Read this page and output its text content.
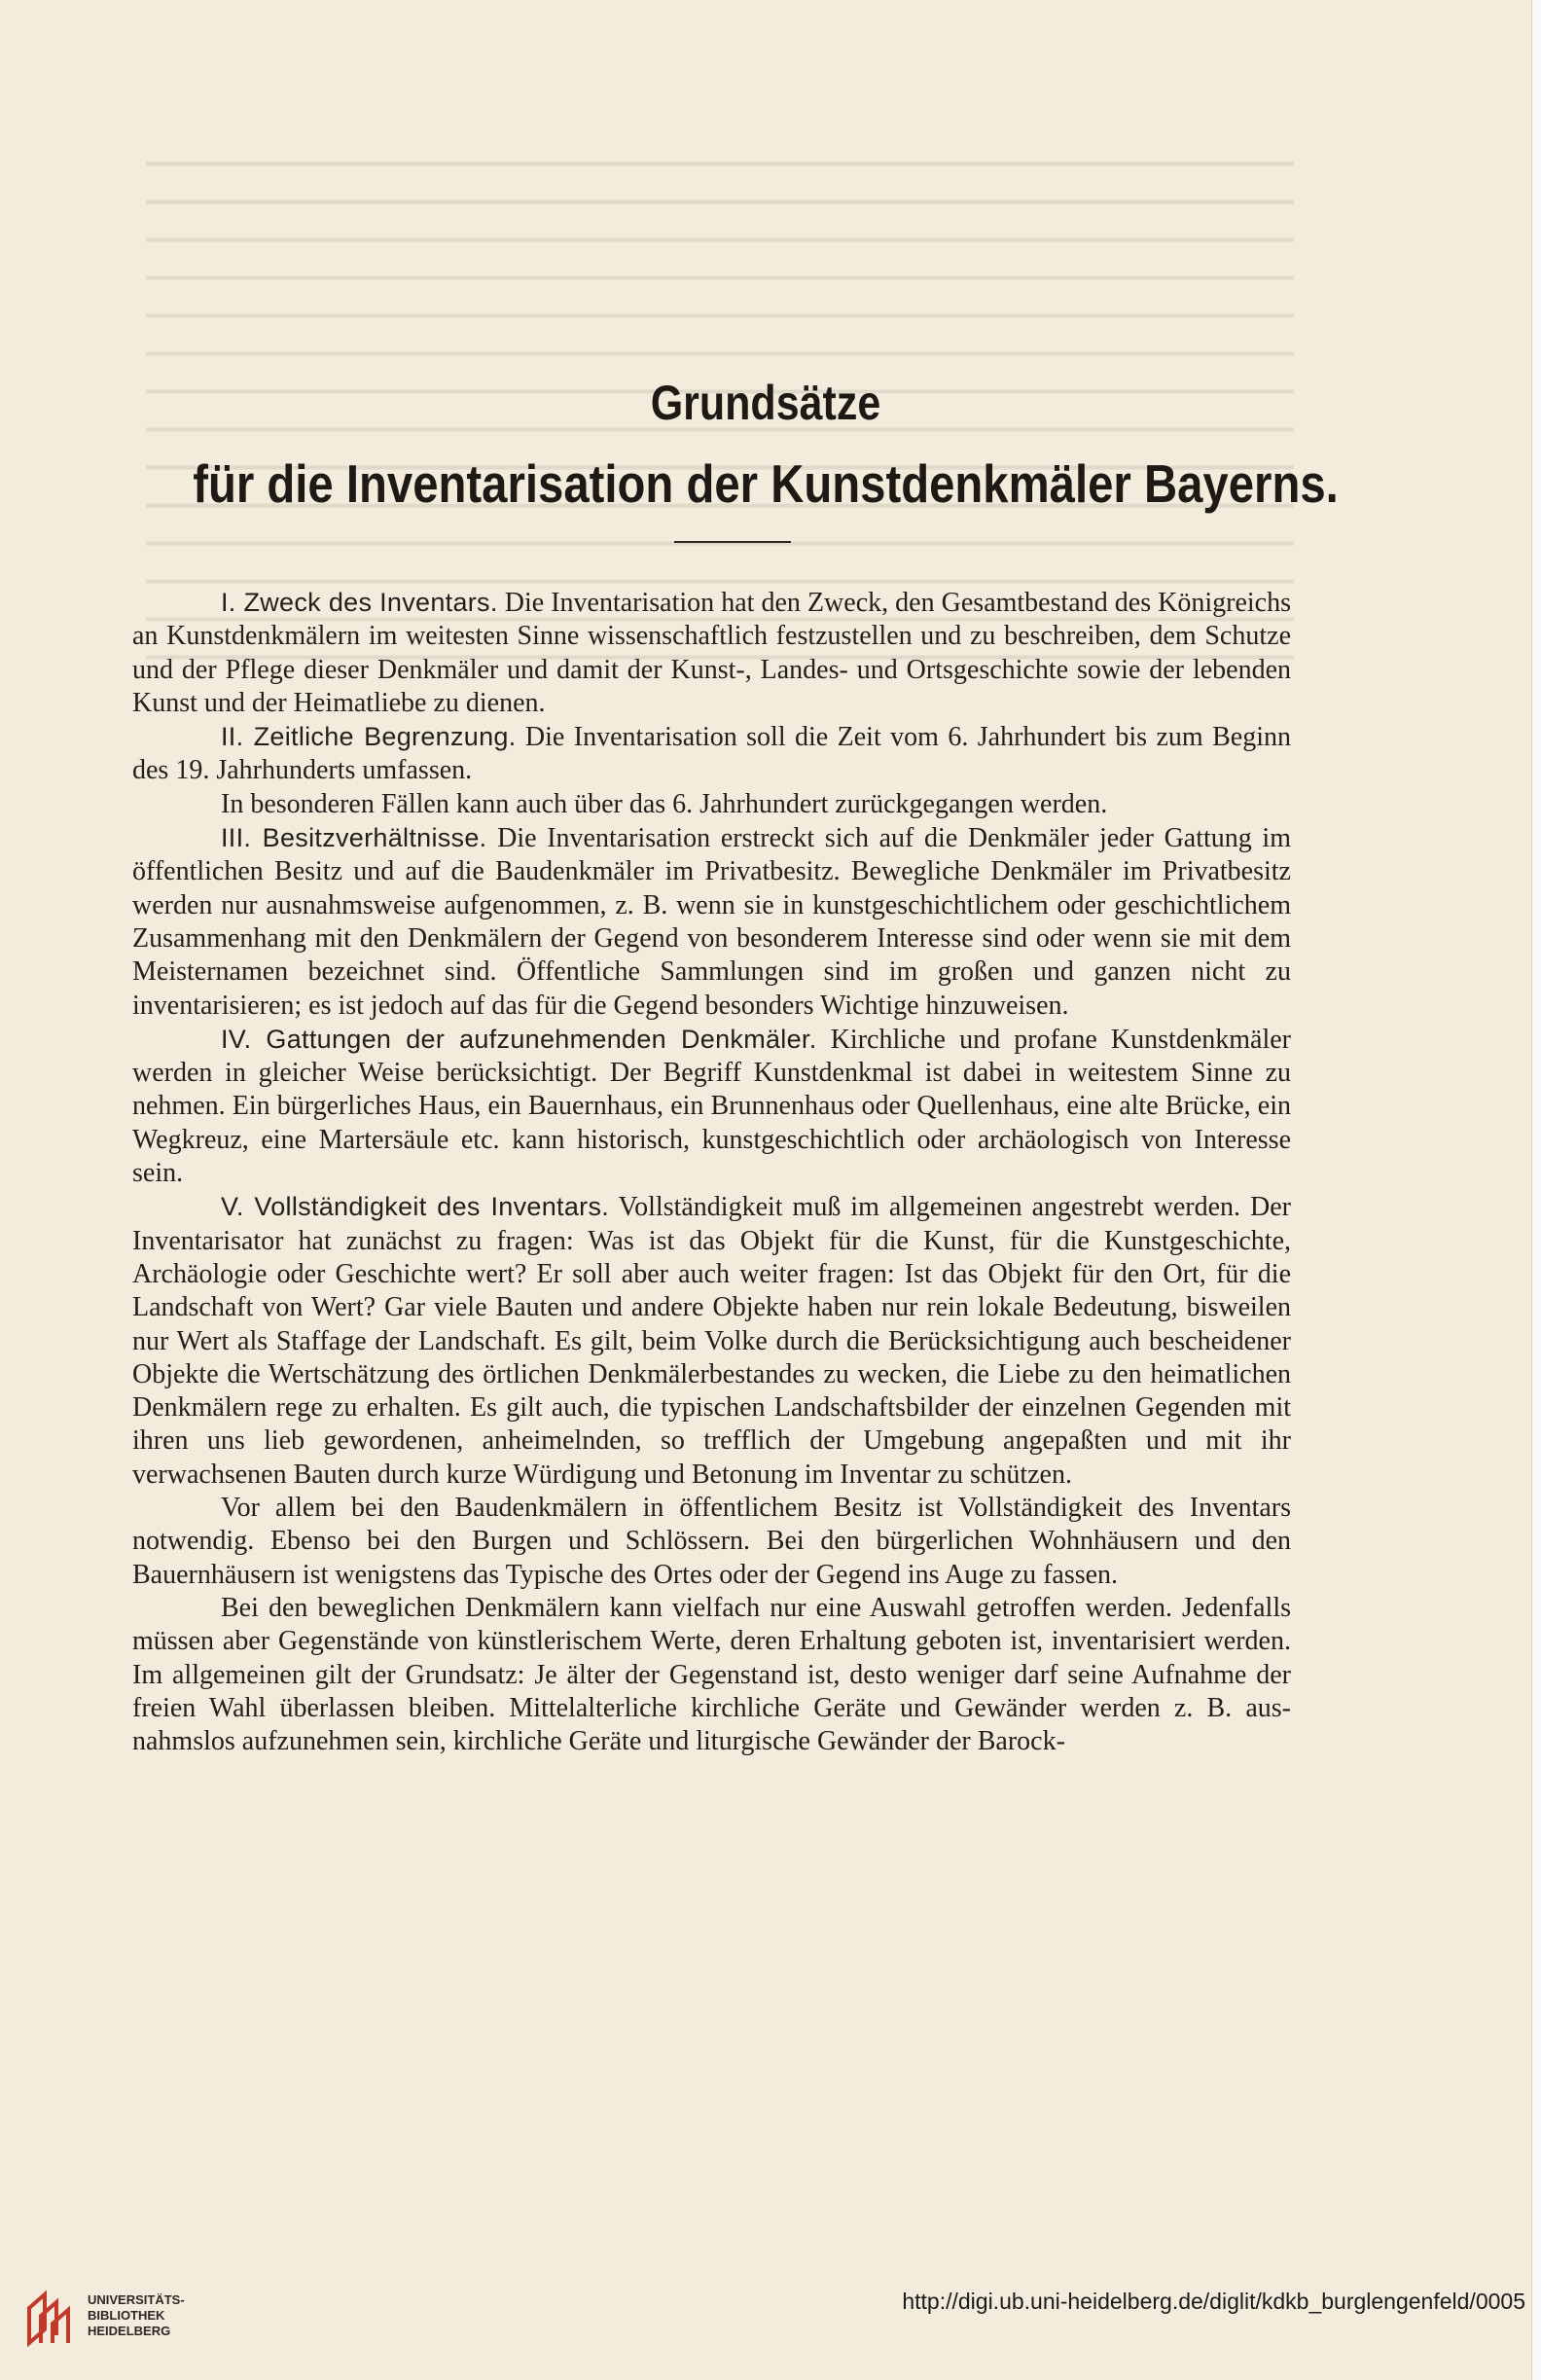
Grundsätze
für die Inventarisation der Kunstdenkmäler Bayerns.

I. Zweck des Inventars. Die Inventarisation hat den Zweck, den Gesamtbestand des Königreichs an Kunstdenkmälern im weitesten Sinne wissenschaftlich festzustellen und zu beschreiben, dem Schutze und der Pflege dieser Denkmäler und damit der Kunst-, Landes- und Ortsgeschichte sowie der lebenden Kunst und der Heimatliebe zu dienen.

II. Zeitliche Begrenzung. Die Inventarisation soll die Zeit vom 6. Jahrhundert bis zum Beginn des 19. Jahrhunderts umfassen.

In besonderen Fällen kann auch über das 6. Jahrhundert zurückgegangen werden.

III. Besitzverhältnisse. Die Inventarisation erstreckt sich auf die Denkmäler jeder Gattung im öffentlichen Besitz und auf die Baudenkmäler im Privatbesitz. Bewegliche Denkmäler im Privatbesitz werden nur ausnahmsweise aufgenommen, z. B. wenn sie in kunstgeschichtlichem oder geschichtlichem Zusammenhang mit den Denkmälern der Gegend von besonderem Interesse sind oder wenn sie mit dem Meisternamen bezeichnet sind. Öffentliche Sammlungen sind im großen und ganzen nicht zu inventarisieren; es ist jedoch auf das für die Gegend besonders Wichtige hinzuweisen.

IV. Gattungen der aufzunehmenden Denkmäler. Kirchliche und profane Kunstdenkmäler werden in gleicher Weise berücksichtigt. Der Begriff Kunstdenkmal ist dabei in weitestem Sinne zu nehmen. Ein bürgerliches Haus, ein Bauernhaus, ein Brunnenhaus oder Quellenhaus, eine alte Brücke, ein Wegkreuz, eine Martersäule etc. kann historisch, kunstgeschichtlich oder archäologisch von Interesse sein.

V. Vollständigkeit des Inventars. Vollständigkeit muß im allgemeinen angestrebt werden. Der Inventarisator hat zunächst zu fragen: Was ist das Objekt für die Kunst, für die Kunstgeschichte, Archäologie oder Geschichte wert? Er soll aber auch weiter fragen: Ist das Objekt für den Ort, für die Landschaft von Wert? Gar viele Bauten und andere Objekte haben nur rein lokale Bedeutung, bisweilen nur Wert als Staffage der Landschaft. Es gilt, beim Volke durch die Berücksichtigung auch bescheidener Objekte die Wertschätzung des örtlichen Denkmälerbestandes zu wecken, die Liebe zu den heimatlichen Denkmälern rege zu erhalten. Es gilt auch, die typischen Landschaftsbilder der einzelnen Gegenden mit ihren uns lieb gewordenen, anheimelnden, so trefflich der Umgebung angepaßten und mit ihr verwachsenen Bauten durch kurze Würdigung und Betonung im Inventar zu schützen.

Vor allem bei den Baudenkmälern in öffentlichem Besitz ist Vollständigkeit des Inventars notwendig. Ebenso bei den Burgen und Schlössern. Bei den bürgerlichen Wohnhäusern und den Bauernhäusern ist wenigstens das Typische des Ortes oder der Gegend ins Auge zu fassen.

Bei den beweglichen Denkmälern kann vielfach nur eine Auswahl getroffen werden. Jedenfalls müssen aber Gegenstände von künstlerischem Werte, deren Erhaltung geboten ist, inventarisiert werden. Im allgemeinen gilt der Grundsatz: Je älter der Gegenstand ist, desto weniger darf seine Aufnahme der freien Wahl überlassen bleiben. Mittelalterliche kirchliche Geräte und Gewänder werden z. B. ausnahmslos aufzunehmen sein, kirchliche Geräte und liturgische Gewänder der Barock-

UNIVERSITÄTS-
BIBLIOTHEK
HEIDELBERG
http://digi.ub.uni-heidelberg.de/diglit/kdkb_burglengenfeld/0005
